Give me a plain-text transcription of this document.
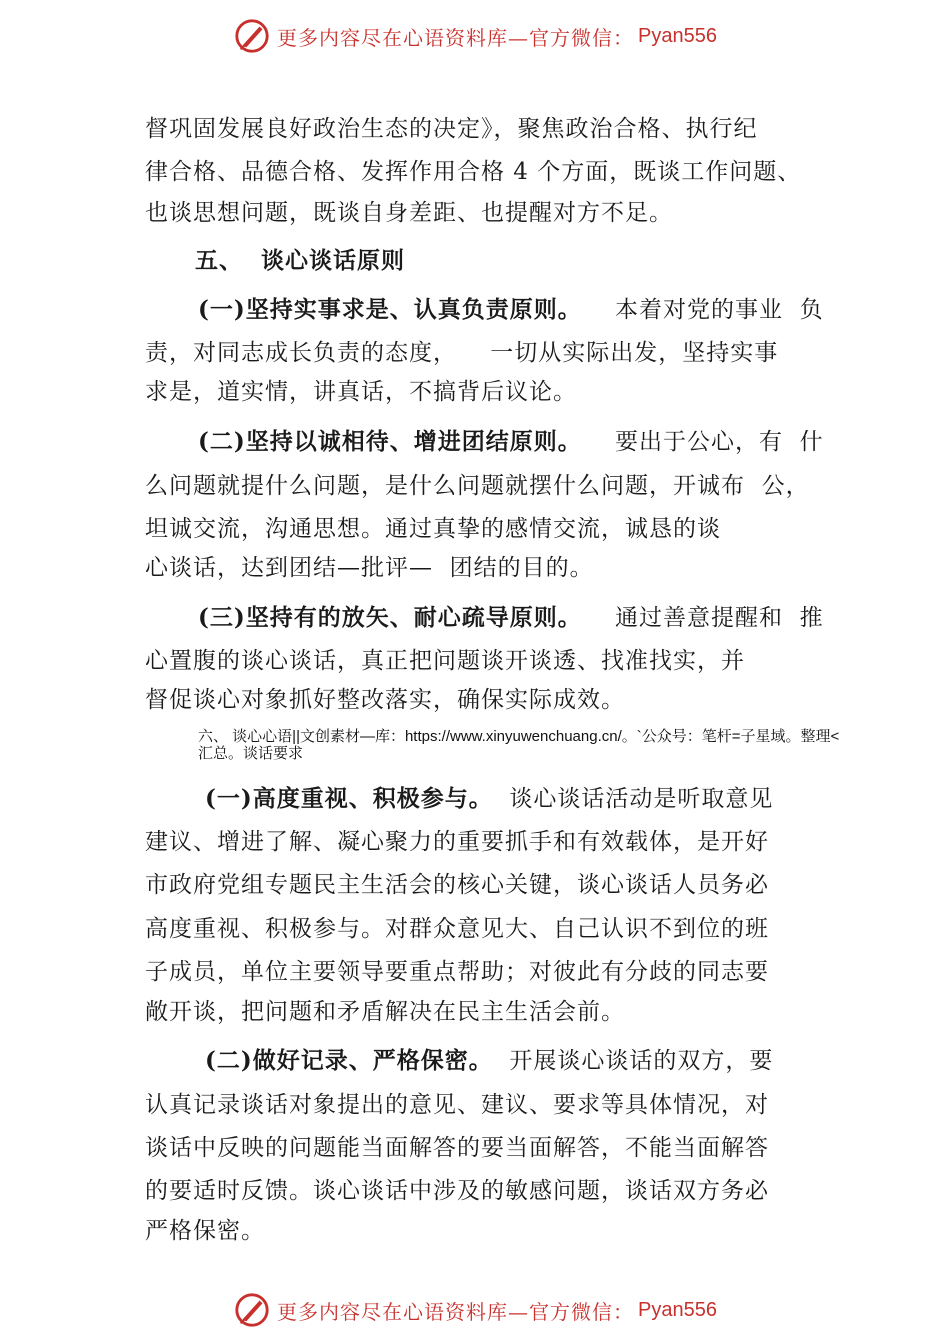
更多内容尽在心语资料库—官方微信： Pyan556
督巩固发展良好政治生态的决定》，聚焦政治合格、执行纪
律合格、品德合格、发挥作用合格 4 个方面，既谈工作问题、
也谈思想问题，既谈自身差距、也提醒对方不足。
五、  谈心谈话原则
(一)坚持实事求是、认真负责原则。    本着对党的事业  负
责，对同志成长负责的态度，    一切从实际出发，坚持实事
求是，道实情，讲真话，不搞背后议论。
(二)坚持以诚相待、增进团结原则。    要出于公心，有  什
么问题就提什么问题，是什么问题就摆什么问题，开诚布  公，
坦诚交流，沟通思想。通过真挚的感情交流，诚恳的谈
心谈话，达到团结—批评—  团结的目的。
(三)坚持有的放矢、耐心疏导原则。    通过善意提醒和  推
心置腹的谈心谈话，真正把问题谈开谈透、找准找实，并
督促谈心对象抓好整改落实，确保实际成效。
六、 谈心心语||文创素材—库：https://www.xinyuwenchuang.cn/。`公众号：笔杆=子星域。整理<汇总。谈话要求
(一)高度重视、积极参与。  谈心谈话活动是听取意见
建议、增进了解、凝心聚力的重要抓手和有效载体，是开好
市政府党组专题民主生活会的核心关键，谈心谈话人员务必
高度重视、积极参与。对群众意见大、自己认识不到位的班
子成员，单位主要领导要重点帮助；对彼此有分歧的同志要
敞开谈，把问题和矛盾解决在民主生活会前。
(二)做好记录、严格保密。  开展谈心谈话的双方，要
认真记录谈话对象提出的意见、建议、要求等具体情况，对
谈话中反映的问题能当面解答的要当面解答，不能当面解答
的要适时反馈。谈心谈话中涉及的敏感问题，谈话双方务必
严格保密。
更多内容尽在心语资料库—官方微信： Pyan556
